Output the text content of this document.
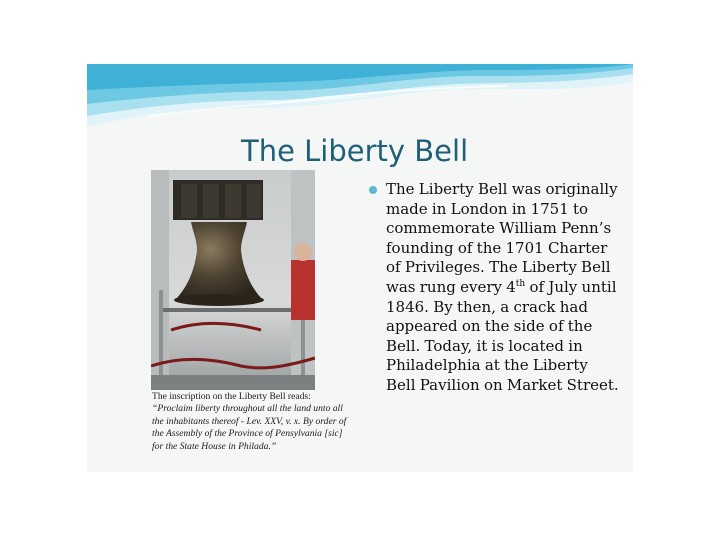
The Liberty Bell
The inscription on the Liberty Bell reads:
“Proclaim liberty throughout all the land unto all the inhabitants thereof - Lev. XXV, v. x. By order of the Assembly of the Province of Pensylvania [sic] for the State House in Philada.”

The Liberty Bell was originally made in London in 1751 to commemorate William Penn’s founding of the 1701 Charter of Privileges. The Liberty Bell was rung every 4th of July until 1846. By then, a crack had appeared on the side of the Bell. Today, it is located in Philadelphia at the Liberty Bell Pavilion on Market Street.
